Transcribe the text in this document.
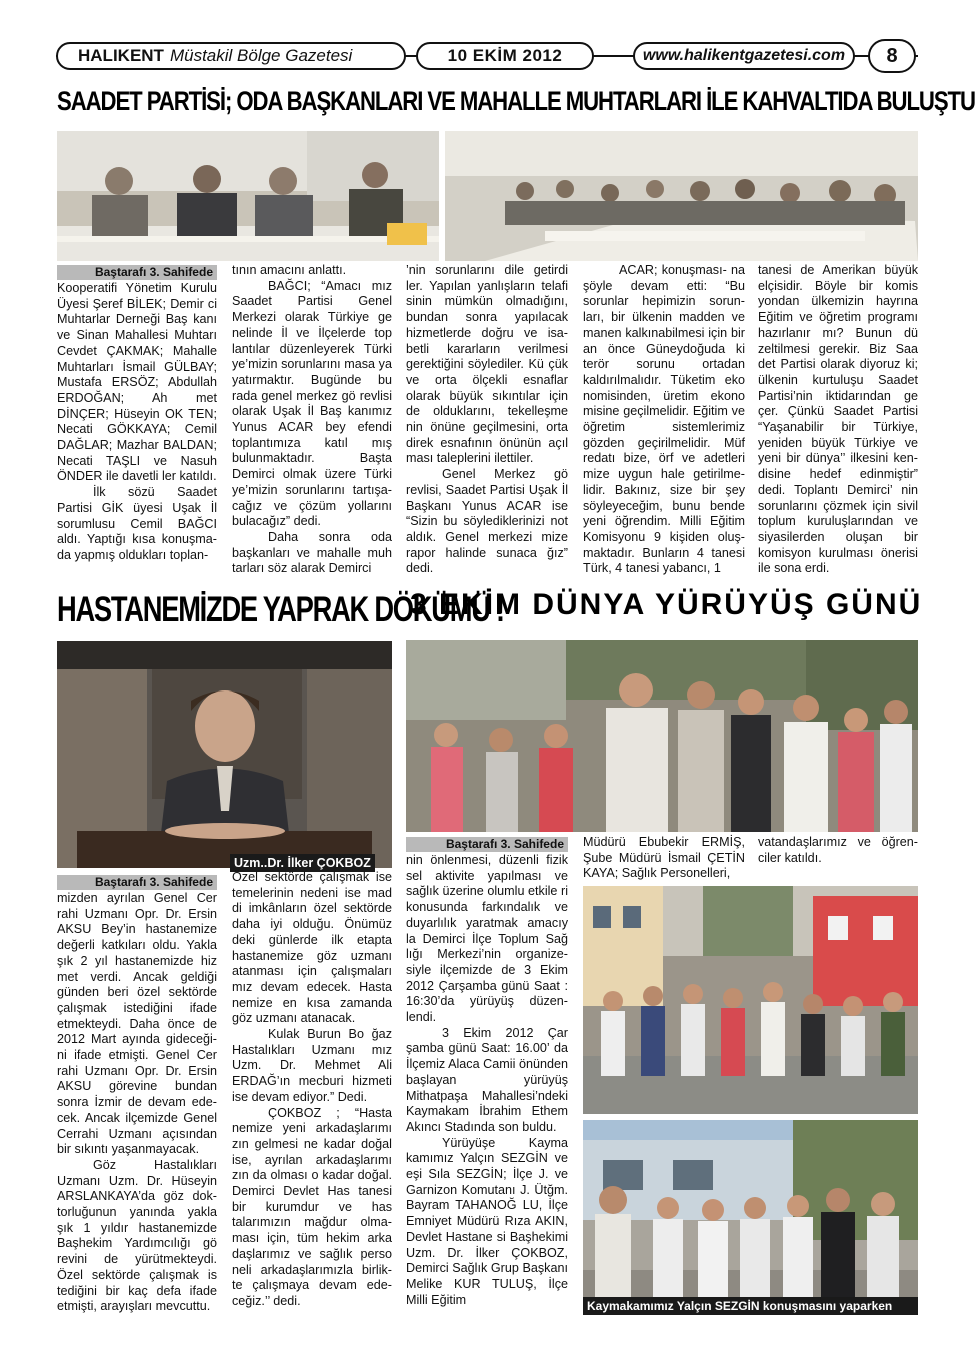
HALIKENT Müstakil Bölge Gazetesi	10 EKİM 2012	www.halikentgazetesi.com	8
SAADET PARTİSİ; ODA BAŞKANLARI VE MAHALLE MUHTARLARI İLE KAHVALTIDA BULUŞTU
Baştarafı 3. Sahifede

Kooperatifi Yönetim Kurulu Üyesi Şeref BİLEK; Demir ci Muhtarlar Derneği Baş kanı ve Sinan Mahallesi Muhtarı Cevdet ÇAKMAK; Mahalle Muhtarları İsmail GÜLBAY; Mustafa ERSÖZ; Abdullah ERDOĞAN; Ah met DİNÇER; Hüseyin OK TEN; Necati GÖKKAYA; Cemil DAĞLAR; Mazhar BALDAN; Necati TAŞLI ve Nasuh ÖNDER ile davetli ler katıldı.

İlk sözü Saadet Partisi GİK üyesi Uşak İl sorumlusu Cemil BAĞCI aldı. Yaptığı kısa konuşma- da yapmış oldukları toplan-

tının amacını anlattı.

BAĞCI; “Amacı mız Saadet Partisi Genel Merkezi olarak Türkiye ge nelinde İl ve İlçelerde top lantılar düzenleyerek Türki ye’mizin sorunlarını masa ya yatırmaktır. Bugünde bu rada genel merkez gö revlisi olarak Uşak İl Baş kanımız Yunus ACAR bey efendi toplantımıza katıl mış bulunmaktadır. Başta Demirci olmak üzere Türki ye’mizin sorunlarını tartışa- cağız ve çözüm yollarını bulacağız” dedi.

Daha sonra oda başkanları ve mahalle muh tarları söz alarak Demirci

’nin sorunlarını dile getirdi ler. Yapılan yanlışların telafi sinin mümkün olmadığını, bundan sonra yapılacak hizmetlerde doğru ve isa- betli kararların verilmesi gerektiğini söylediler. Kü çük ve orta ölçekli esnaflar olarak büyük sıkıntılar için de olduklarını, tekelleşme nin önüne geçilmesini, orta direk esnafının önünün açıl ması taleplerini ilettiler.

Genel Merkez gö revlisi, Saadet Partisi Uşak İl Başkanı Yunus ACAR ise “Sizin bu söylediklerinizi not aldık. Genel merkezi mize rapor halinde sunaca ğız” dedi.

ACAR; konuşması- na şöyle devam etti: “Bu sorunlar hepimizin sorun- ları, bir ülkenin madden ve manen kalkınabilmesi için bir an önce Güneydoğuda ki terör sorunu ortadan kaldırılmalıdır. Tüketim eko nomisinden, üretim ekono misine geçilmelidir. Eğitim ve öğretim sistemlerimiz gözden geçirilmelidir. Müf redatı bize, örf ve adetleri mize uygun hale getirilme- lidir. Bakınız, size bir şey söyleyeceğim, bunu bende yeni öğrendim. Milli Eğitim Komisyonu 9 kişiden oluş- maktadır. Bunların 4 tanesi Türk, 4 tanesi yabancı, 1

tanesi de Amerikan büyük elçisidir. Böyle bir komis yondan ülkemizin hayrına Eğitim ve öğretim programı hazırlanır mı? Bunun dü zeltilmesi gerekir. Biz Saa det Partisi olarak diyoruz ki; ülkenin kurtuluşu Saadet Partisi’nin iktidarından ge çer. Çünkü Saadet Partisi “Yaşanabilir bir Türkiye, yeniden büyük Türkiye ve yeni bir dünya’’ ilkesini ken- disine hedef edinmiştir” dedi. Toplantı Demirci’ nin sorunlarını çözmek için sivil toplum kuruluşlarından ve siyasilerden oluşan bir komisyon kurulması önerisi ile sona erdi.

HASTANEMİZDE YAPRAK DÖKÜMÜ !
Uzm..Dr. İlker ÇOKBOZ
Baştarafı 3. Sahifede

mizden ayrılan Genel Cer rahi Uzmanı Opr. Dr. Ersin AKSU Bey’in hastanemize değerli katkıları oldu. Yakla şık 2 yıl hastanemizde hiz met verdi. Ancak geldiği günden beri özel sektörde çalışmak istediğini ifade etmekteydi. Daha önce de 2012 Mart ayında gideceği- ni ifade etmişti. Genel Cer rahi Uzmanı Opr. Dr. Ersin AKSU görevine bundan sonra İzmir de devam ede- cek. Ancak ilçemizde Genel Cerrahi Uzmanı açısından bir sıkıntı yaşanmayacak.

Göz Hastalıkları Uzmanı Uzm. Dr. Hüseyin ARSLANKAYA’da göz dok- torluğunun yanında yakla şık 1 yıldır hastanemizde Başhekim Yardımcılığı gö revini de yürütmekteydi. Özel sektörde çalışmak is tediğini bir kaç defa ifade etmişti, arayışları mevcuttu.

Özel sektörde çalışmak ise temelerinin nedeni ise mad di imkânların özel sektörde daha iyi olduğu. Önümüz deki günlerde ilk etapta hastanemize göz uzmanı atanması için çalışmaları mız devam edecek. Hasta nemize en kısa zamanda göz uzmanı atanacak.

Kulak Burun Bo ğaz Hastalıkları Uzmanı mız Uzm. Dr. Mehmet Ali ERDAĞ’ın mecburi hizmeti ise devam ediyor.” Dedi.

ÇOKBOZ ; “Hasta nemize yeni arkadaşlarımı zın gelmesi ne kadar doğal ise, ayrılan arkadaşlarımı zın da olması o kadar doğal. Demirci Devlet Has tanesi bir kurumdur ve has talarımızın mağdur olma- ması için, tüm hekim arka daşlarımız ve sağlık perso neli arkadaşlarımızla birlik- te çalışmaya devam ede- ceğiz.’’ dedi.

3 EKİM DÜNYA YÜRÜYÜŞ GÜNÜ
Baştarafı 3. Sahifede

nin önlenmesi, düzenli fizik sel aktivite yapılması ve sağlık üzerine olumlu etkile ri konusunda farkındalık ve duyarlılık yaratmak amacıy la Demirci İlçe Toplum Sağ lığı Merkezi’nin organize- siyle ilçemizde de 3 Ekim 2012 Çarşamba günü Saat : 16:30’da yürüyüş düzen- lendi.

3 Ekim 2012 Çar şamba günü Saat: 16.00’ da İlçemiz Alaca Camii önünden başlayan yürüyüş Mithatpaşa Mahallesi’ndeki Kaymakam İbrahim Ethem Akıncı Stadında son buldu.

Yürüyüşe Kayma kamımız Yalçın SEZGİN ve eşi Sıla SEZGİN; İlçe J. ve Garnizon Komutanı J. Ütğm. Bayram TAHANOĞ LU, İlçe Emniyet Müdürü Rıza AKIN, Devlet Hastane si Başhekimi Uzm. Dr. İlker ÇOKBOZ, Demirci Sağlık Grup Başkanı Melike KUR TULUŞ, İlçe Milli Eğitim

Müdürü Ebubekir ERMİŞ, Şube Müdürü İsmail ÇETİN KAYA; Sağlık Personelleri,

vatandaşlarımız ve öğren- ciler katıldı.

Kaymakamımız Yalçın SEZGİN konuşmasını yaparken
